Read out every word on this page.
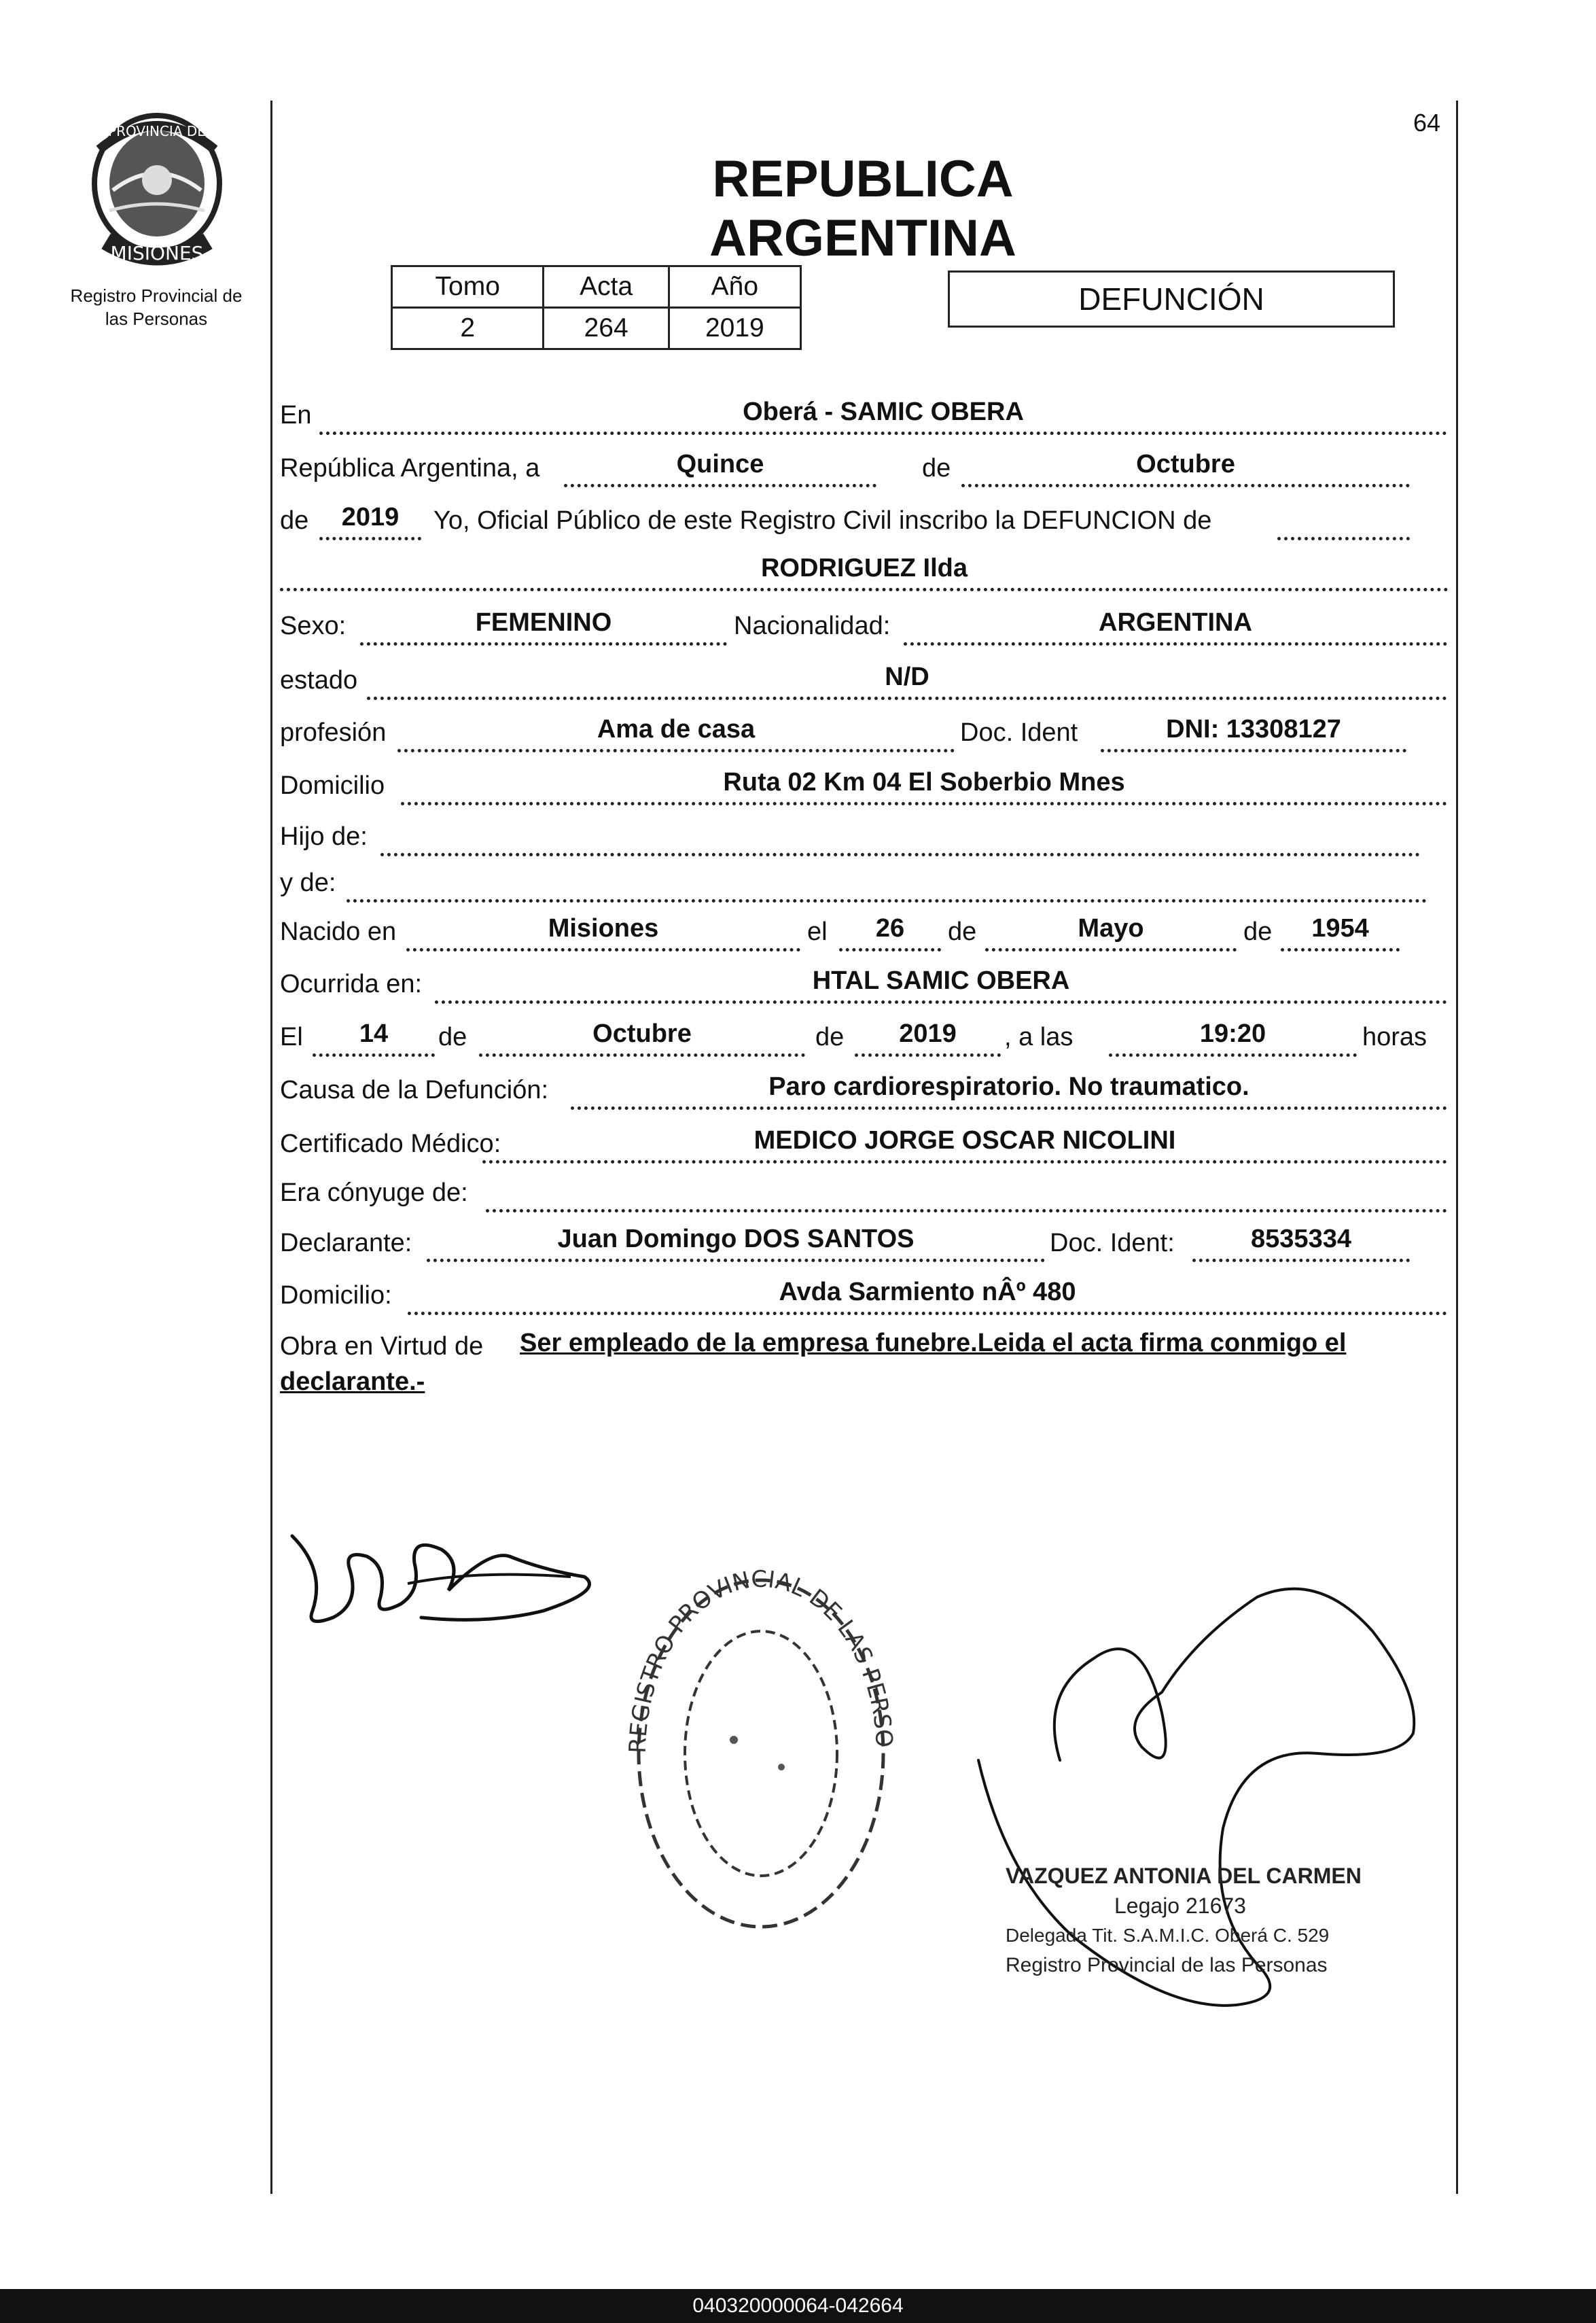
PROVINCIA DE
MISIONES
Registro Provincial de
las Personas
64
REPUBLICA ARGENTINA
Tomo	Acta	Año
2	264	2019
DEFUNCIÓN
En	Oberá - SAMIC OBERA
República Argentina, a	Quince	de	Octubre
de	2019	Yo, Oficial Público de este Registro Civil inscribo la DEFUNCION de
RODRIGUEZ Ilda
Sexo:	FEMENINO	Nacionalidad:	ARGENTINA
estado	N/D
profesión	Ama de casa	Doc. Ident	DNI: 13308127
Domicilio	Ruta 02 Km 04 El Soberbio Mnes
Hijo de:
y de:
Nacido en	Misiones	el	26	de	Mayo	de	1954
Ocurrida en:	HTAL SAMIC OBERA
El	14	de	Octubre	de	2019	, a las	19:20	horas
Causa de la Defunción:	Paro cardiorespiratorio. No traumatico.
Certificado Médico:	MEDICO JORGE OSCAR NICOLINI
Era cónyuge de:
Declarante:	Juan Domingo DOS SANTOS	Doc. Ident:	8535334
Domicilio:	Avda Sarmiento nÂº 480
Obra en Virtud de Ser empleado de la empresa funebre.Leida el acta firma conmigo el
declarante.-
REGISTRO PROVINCIAL DE LAS PERSO
VAZQUEZ ANTONIA DEL CARMEN
Legajo 21673
Delegada Tit. S.A.M.I.C. Oberá C. 529
Registro Provincial de las Personas
040320000064-042664
